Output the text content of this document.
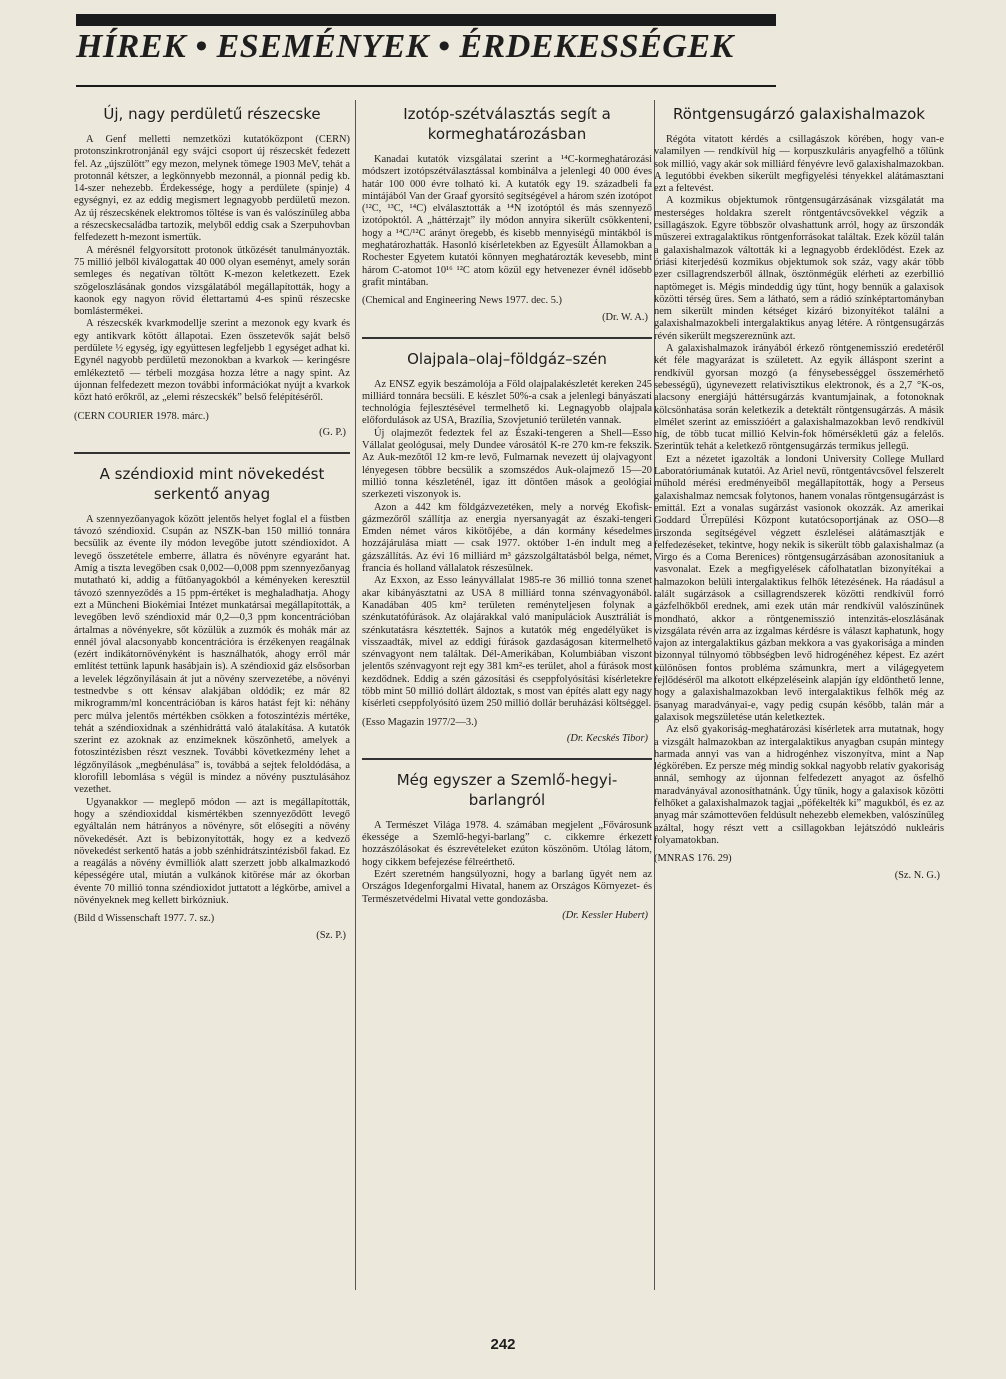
HÍREK • ESEMÉNYEK • ÉRDEKESSÉGEK
Új, nagy perdületű részecske

A Genf melletti nemzetközi kutatóközpont (CERN) protonszinkrotronjánál egy svájci csoport új részecskét fedezett fel. Az „újszülött” egy mezon, melynek tömege 1903 MeV, tehát a protonnál kétszer, a legkönnyebb mezonnál, a pionnál pedig kb. 14-szer nehezebb. Érdekessége, hogy a perdülete (spinje) 4 egységnyi, ez az eddig megismert legnagyobb perdületű mezon. Az új részecskének elektromos töltése is van és valószínűleg abba a részecskecsaládba tartozik, melyből eddig csak a Szerpuhovban felfedezett h-mezont ismertük.

A mérésnél felgyorsított protonok ütközését tanulmányozták. 75 millió jelből kiválogattak 40 000 olyan eseményt, amely során semleges és negatívan töltött K-mezon keletkezett. Ezek szögeloszlásának gondos vizsgálatából megállapították, hogy a kaonok egy nagyon rövid élettartamú 4-es spinű részecske bomlástermékei.

A részecskék kvarkmodellje szerint a mezonok egy kvark és egy antikvark kötött állapotai. Ezen összetevők saját belső perdülete ½ egység, így együttesen legfeljebb 1 egységet adhat ki. Egynél nagyobb perdületű mezonokban a kvarkok — keringésre emlékeztető — térbeli mozgása hozza létre a nagy spint. Az újonnan felfedezett mezon további információkat nyújt a kvarkok közt ható erőkről, az „elemi részecskék” belső felépítéséről.

(CERN COURIER 1978. márc.)

(G. P.)
A széndioxid mint növekedést serkentő anyag

A szennyezőanyagok között jelentős helyet foglal el a füstben távozó széndioxid. Csupán az NSZK-ban 150 millió tonnára becsülik az évente ily módon levegőbe jutott széndioxidot. A levegő összetétele emberre, állatra és növényre egyaránt hat. Amíg a tiszta levegőben csak 0,002—0,008 ppm szennyezőanyag mutatható ki, addig a fűtőanyagokból a kéményeken keresztül távozó szennyeződés a 15 ppm-értéket is meghaladhatja. Ahogy ezt a Müncheni Biokémiai Intézet munkatársai megállapították, a levegőben levő széndioxid már 0,2—0,3 ppm koncentrációban ártalmas a növényekre, sőt közülük a zuzmók és mohák már az ennél jóval alacsonyabb koncentrációra is érzékenyen reagálnak (ezért indikátornövényként is használhatók, ahogy erről már említést tettünk lapunk hasábjain is). A széndioxid gáz elsősorban a levelek légzőnyílásain át jut a növény szervezetébe, a növényi testnedvbe s ott kénsav alakjában oldódik; ez már 82 mikrogramm/ml koncentrációban is káros hatást fejt ki: néhány perc múlva jelentős mértékben csökken a fotoszintézis mértéke, tehát a széndioxidnak a szénhidráttá való átalakítása. A kutatók szerint ez azoknak az enzimeknek köszönhető, amelyek a fotoszintézisben részt vesznek. További következmény lehet a légzőnyílások „megbénulása” is, továbbá a sejtek feloldódása, a klorofill lebomlása s végül is mindez a növény pusztulásához vezethet.

Ugyanakkor — meglepő módon — azt is megállapították, hogy a széndioxiddal kismértékben szennyeződött levegő egyáltalán nem hátrányos a növényre, sőt elősegíti a növény növekedését. Azt is bebizonyították, hogy ez a kedvező növekedést serkentő hatás a jobb szénhidrátszintézisből fakad. Ez a reagálás a növény évmilliók alatt szerzett jobb alkalmazkodó képességére utal, miután a vulkánok kitörése már az ókorban évente 70 millió tonna széndioxidot juttatott a légkörbe, amivel a növényeknek meg kellett birkózniuk.

(Bild d Wissenschaft 1977. 7. sz.)

(Sz. P.)
Izotóp-szétválasztás segít a kormeghatározásban

Kanadai kutatók vizsgálatai szerint a ¹⁴C-kormeghatározási módszert izotópszétválasztással kombinálva a jelenlegi 40 000 éves határ 100 000 évre tolható ki. A kutatók egy 19. századbeli fa mintájából Van der Graaf gyorsító segítségével a három szén izotópot (¹²C, ¹³C, ¹⁴C) elválasztották a ¹⁴N izotóptól és más szennyező izotópoktól. A „háttérzajt” ily módon annyira sikerült csökkenteni, hogy a ¹⁴C/¹²C arányt öregebb, és kisebb mennyiségű mintákból is meghatározhatták. Hasonló kísérletekben az Egyesült Államokban a Rochester Egyetem kutatói könnyen meghatározták kevesebb, mint három C-atomot 10¹⁶ ¹²C atom közül egy hetvenezer évnél idősebb grafit mintában.

(Chemical and Engineering News 1977. dec. 5.)

(Dr. W. A.)
Olajpala–olaj–földgáz–szén

Az ENSZ egyik beszámolója a Föld olajpalakészletét kereken 245 milliárd tonnára becsüli. E készlet 50%-a csak a jelenlegi bányászati technológia fejlesztésével termelhető ki. Legnagyobb olajpala előfordulások az USA, Brazília, Szovjetunió területén vannak.

Új olajmezőt fedeztek fel az Északi-tengeren a Shell—Esso Vállalat geológusai, mely Dundee városától K-re 270 km-re fekszik. Az Auk-mezőtől 12 km-re levő, Fulmarnak nevezett új olajvagyont lényegesen többre becsülik a szomszédos Auk-olajmező 15—20 millió tonna készleténél, igaz itt döntően mások a geológiai szerkezeti viszonyok is.

Azon a 442 km földgázvezetéken, mely a norvég Ekofisk-gázmezőről szállítja az energia nyersanyagát az északi-tengeri Emden német város kikötőjébe, a dán kormány késedelmes hozzájárulása miatt — csak 1977. október 1-én indult meg a gázszállítás. Az évi 16 milliárd m³ gázszolgáltatásból belga, német, francia és holland vállalatok részesülnek.

Az Exxon, az Esso leányvállalat 1985-re 36 millió tonna szenet akar kibányásztatni az USA 8 milliárd tonna szénvagyonából. Kanadában 405 km² területen reményteljesen folynak a szénkutatófúrások. Az olajárakkal való manipuláciok Ausztráliát is szénkutatásra késztették. Sajnos a kutatók még engedélyüket is visszaadták, mivel az eddigi fúrások gazdaságosan kitermelhető szénvagyont nem találtak. Dél-Amerikában, Kolumbiában viszont jelentős szénvagyont rejt egy 381 km²-es terület, ahol a fúrások most kezdődnek. Eddig a szén gázosítási és cseppfolyósítási kísérletekre több mint 50 millió dollárt áldoztak, s most van építés alatt egy nagy kísérleti cseppfolyósító üzem 250 millió dollár beruházási költséggel.

(Esso Magazin 1977/2—3.)

(Dr. Kecskés Tibor)
Még egyszer a Szemlő-hegyi-barlangról

A Természet Világa 1978. 4. számában megjelent „Fővárosunk ékessége a Szemlő-hegyi-barlang” c. cikkemre érkezett hozzászólásokat és észrevételeket ezúton köszönöm. Utólag látom, hogy cikkem befejezése félreérthető.

Ezért szeretném hangsúlyozni, hogy a barlang ügyét nem az Országos Idegenforgalmi Hivatal, hanem az Országos Környezet- és Természetvédelmi Hivatal vette gondozásba.

(Dr. Kessler Hubert)
Röntgensugárzó galaxishalmazok

Régóta vitatott kérdés a csillagászok körében, hogy van-e valamilyen — rendkívül híg — korpuszkuláris anyagfelhő a tőlünk sok millió, vagy akár sok milliárd fényévre levő galaxishalmazokban. A legutóbbi években sikerült megfigyelési tényekkel alátámasztani ezt a feltevést.

A kozmikus objektumok röntgensugárzásának vizsgálatát ma mesterséges holdakra szerelt röntgentávcsövekkel végzik a csillagászok. Egyre többször olvashattunk arról, hogy az űrszondák műszerei extragalaktikus röntgenforrásokat találtak. Ezek közül talán a galaxishalmazok váltották ki a legnagyobb érdeklődést. Ezek az óriási kiterjedésű kozmikus objektumok sok száz, vagy akár több ezer csillagrendszerből állnak, ösztönmégük elérheti az ezerbillió naptömeget is. Mégis mindeddig úgy tűnt, hogy bennük a galaxisok közötti térség üres. Sem a látható, sem a rádió színképtartományban nem sikerült minden kétséget kizáró bizonyítékot találni a galaxishalmazokbeli intergalaktikus anyag létére. A röntgensugárzás révén sikerült megszereznünk azt.

A galaxishalmazok irányából érkező röntgenemisszió eredetéről két féle magyarázat is született. Az egyik álláspont szerint a rendkívül gyorsan mozgó (a fénysebességgel összemérhető sebességű), úgynevezett relativisztikus elektronok, és a 2,7 °K-os, alacsony energiájú háttérsugárzás kvantumjainak, a fotonoknak kölcsönhatása során keletkezik a detektált röntgensugárzás. A másik elmélet szerint az emisszióért a galaxishalmazokban levő rendkívül híg, de több tucat millió Kelvin-fok hőmérsékletű gáz a felelős. Szerintük tehát a keletkező röntgensugárzás termikus jellegű.

Ezt a nézetet igazolták a londoni University College Mullard Laboratóriumának kutatói. Az Ariel nevű, röntgentávcsővel felszerelt műhold mérési eredményeiből megállapították, hogy a Perseus galaxishalmaz nemcsak folytonos, hanem vonalas röntgensugárzást is emittál. Ezt a vonalas sugárzást vasionok okozzák. Az amerikai Goddard Űrrepülési Központ kutatócsoportjának az OSO—8 űrszonda segítségével végzett észlelései alátámasztják e felfedezéseket, tekintve, hogy nekik is sikerült több galaxishalmaz (a Virgo és a Coma Berenices) röntgensugárzásában azonosítaniuk a vasvonalat. Ezek a megfigyelések cáfolhatatlan bizonyítékai a halmazokon belüli intergalaktikus felhők létezésének. Ha ráadásul a talált sugárzások a csillagrendszerek közötti rendkívül forró gázfelhőkből erednek, ami ezek után már rendkívül valószínűnek mondható, akkor a röntgenemisszió intenzitás-eloszlásának vizsgálata révén arra az izgalmas kérdésre is választ kaphatunk, hogy vajon az intergalaktikus gázban mekkora a vas gyakorisága a minden bizonnyal túlnyomó többségben levő hidrogénéhez képest. Ez azért különösen fontos probléma számunkra, mert a világegyetem fejlődéséről ma alkotott elképzeléseink alapján így eldönthető lenne, hogy a galaxishalmazokban levő intergalaktikus felhők még az ősanyag maradványai-e, vagy pedig csupán később, talán már a galaxisok megszületése után keletkeztek.

Az első gyakoriság-meghatározási kísérletek arra mutatnak, hogy a vizsgált halmazokban az intergalaktikus anyagban csupán mintegy harmada annyi vas van a hidrogénhez viszonyítva, mint a Nap légkörében. Ez persze még mindig sokkal nagyobb relatív gyakoriság annál, semhogy az újonnan felfedezett anyagot az ősfelhő maradványával azonosíthatnánk. Úgy tűnik, hogy a galaxisok közötti felhőket a galaxishalmazok tagjai „pöfékelték ki” magukból, és ez az anyag már számottevően feldúsult nehezebb elemekben, valószínűleg azáltal, hogy részt vett a csillagokban lejátszódó nukleáris folyamatokban.

(MNRAS 176. 29)

(Sz. N. G.)
242
